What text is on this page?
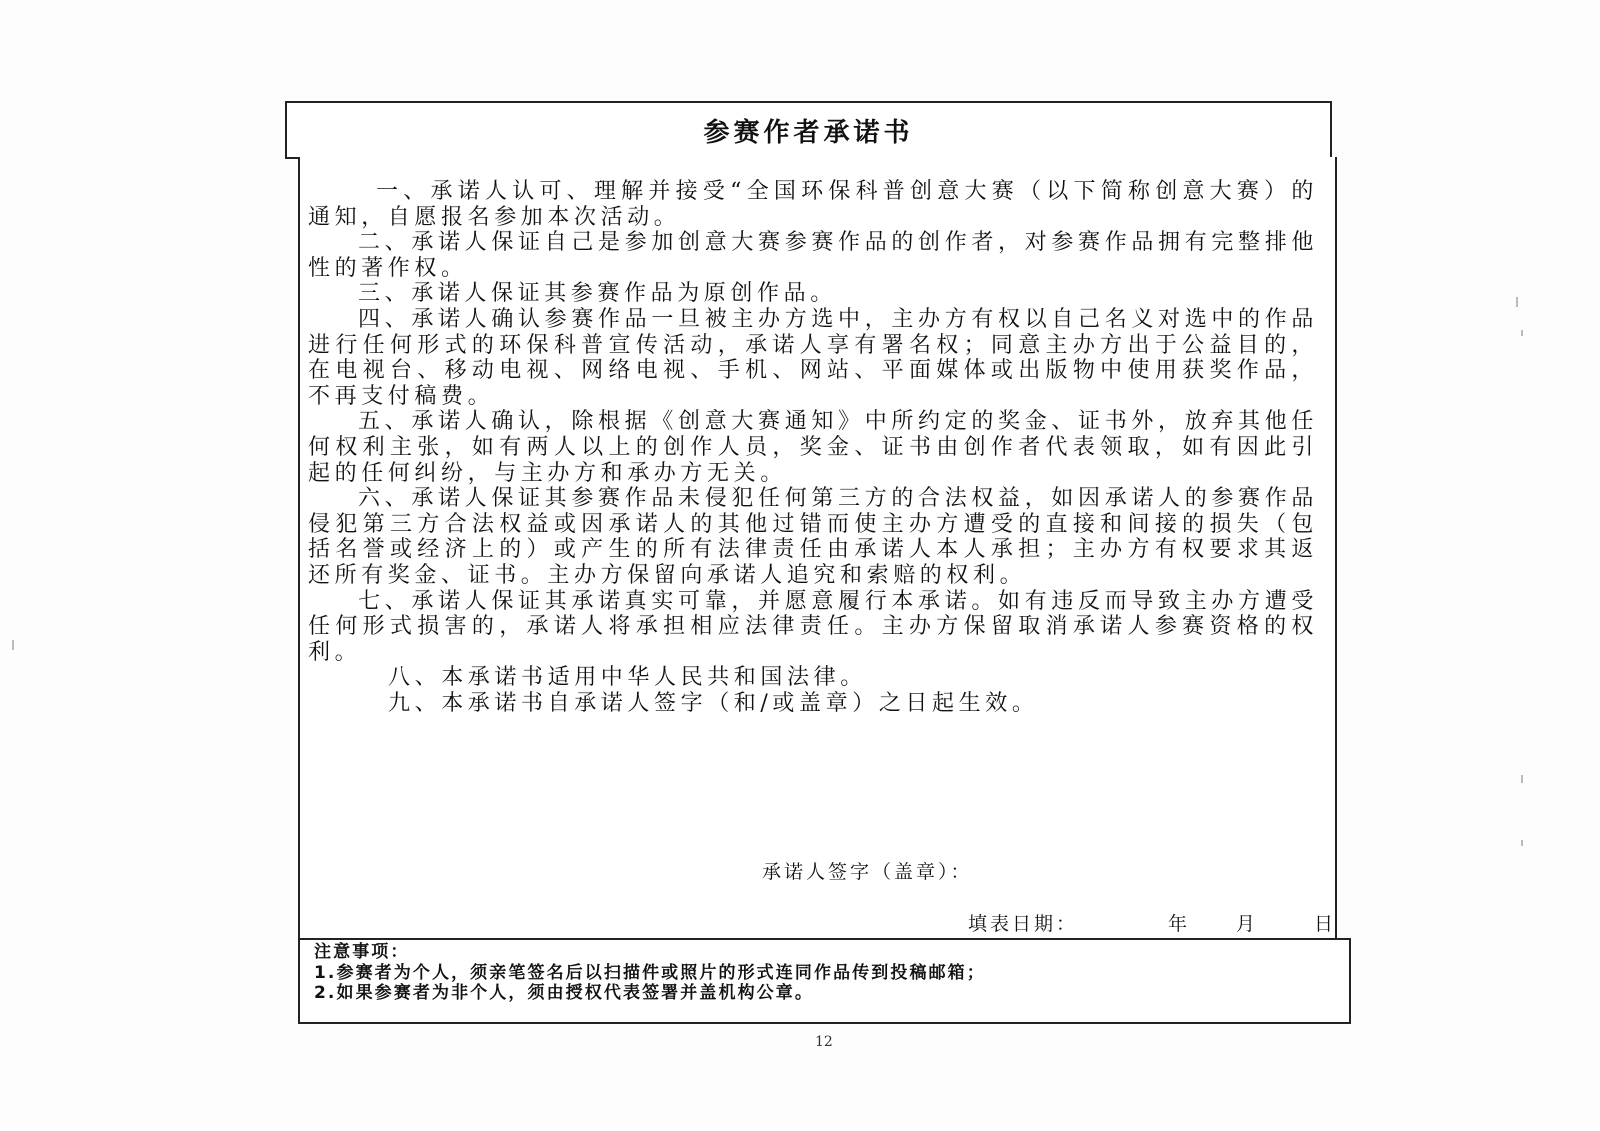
参赛作者承诺书

一、承诺人认可、理解并接受“全国环保科普创意大赛（以下简称创意大赛）的通知，自愿报名参加本次活动。

二、承诺人保证自己是参加创意大赛参赛作品的创作者，对参赛作品拥有完整排他性的著作权。

三、承诺人保证其参赛作品为原创作品。

四、承诺人确认参赛作品一旦被主办方选中，主办方有权以自己名义对选中的作品进行任何形式的环保科普宣传活动，承诺人享有署名权；同意主办方出于公益目的，在电视台、移动电视、网络电视、手机、网站、平面媒体或出版物中使用获奖作品，不再支付稿费。

五、承诺人确认，除根据《创意大赛通知》中所约定的奖金、证书外，放弃其他任何权利主张，如有两人以上的创作人员，奖金、证书由创作者代表领取，如有因此引起的任何纠纷，与主办方和承办方无关。

六、承诺人保证其参赛作品未侵犯任何第三方的合法权益，如因承诺人的参赛作品侵犯第三方合法权益或因承诺人的其他过错而使主办方遭受的直接和间接的损失（包括名誉或经济上的）或产生的所有法律责任由承诺人本人承担；主办方有权要求其返还所有奖金、证书。主办方保留向承诺人追究和索赔的权利。

七、承诺人保证其承诺真实可靠，并愿意履行本承诺。如有违反而导致主办方遭受任何形式损害的，承诺人将承担相应法律责任。主办方保留取消承诺人参赛资格的权利。

八、本承诺书适用中华人民共和国法律。

九、本承诺书自承诺人签字（和/或盖章）之日起生效。

承诺人签字（盖章）：
填表日期：	年	月	日

注意事项：

1.参赛者为个人，须亲笔签名后以扫描件或照片的形式连同作品传到投稿邮箱；

2.如果参赛者为非个人，须由授权代表签署并盖机构公章。

12
